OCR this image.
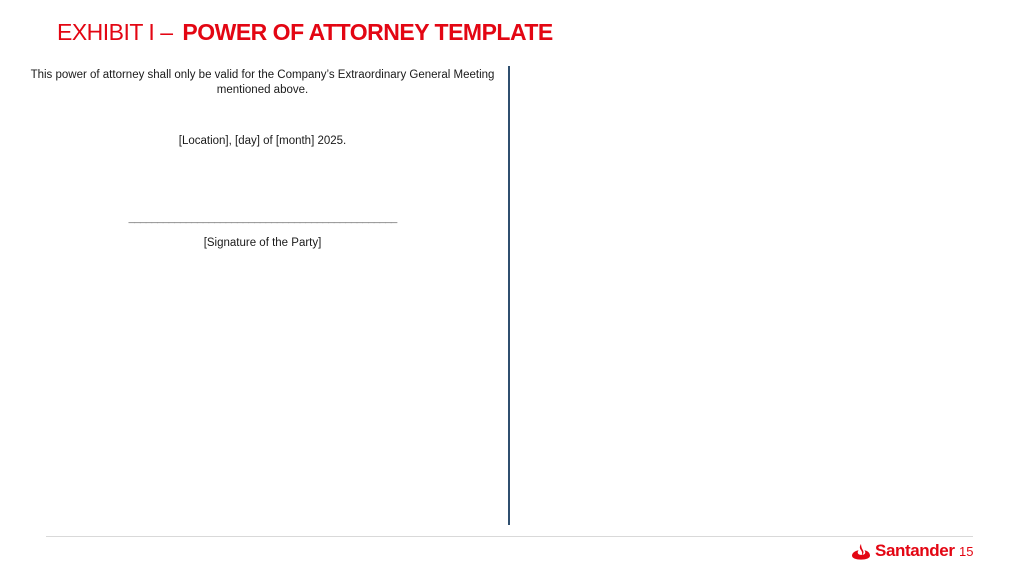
EXHIBIT I – POWER OF ATTORNEY TEMPLATE
This power of attorney shall only be valid for the Company’s Extraordinary General Meeting mentioned above.
[Location], [day] of [month] 2025.
_______________________________________________
[Signature of the Party]
Santander 15
